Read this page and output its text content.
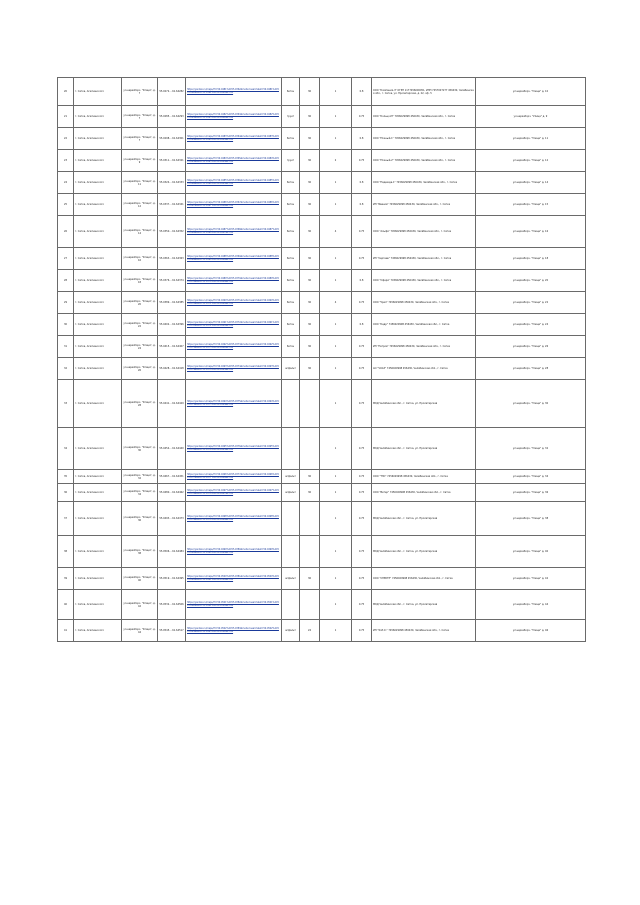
20	г. Сатка, Агалчанского	ул.неразборч. "Улица", д.7	55.0272... 61.64282	https://yandex.ru/maps/?ll=59.0481%2C55.0362&mode=search&sll=59.0481%2C55.0362&text=55.0362%2C59.0481&z=16	бетон	36	1	0.8	ООО "Компания-Ч" ОГРН 1177456000051, ИНН 7457007277 456430, Челябинская обл., г. Сатка, ул. Пролетарская, д. 22, оф. 5	ул.неразборч. "Улица" д. 10
21	г. Сатка, Агалчанского	ул.неразборч. "Улица", д.7	55.0285... 61.64293	https://yandex.ru/maps/?ll=59.0482%2C55.0363&mode=search&sll=59.0482%2C55.0363&text=55.0363%2C59.0482&z=16	грунт	36	1	0.75	ООО "Кольцо-М" 7456029998 456430, Челябинская обл., г. Сатка	ул.неразборч. "Улица" д. 9
22	г. Сатка, Агалчанского	ул.неразборч. "Улица", д.7	55.0298... 61.64301	https://yandex.ru/maps/?ll=59.0483%2C55.0364&mode=search&sll=59.0483%2C55.0364&text=55.0364%2C59.0483&z=16	бетон	36	1	0.8	ООО "Южный-1" 7456029998 456430, Челябинская обл., г. Сатка	ул.неразборч. "Улица" д. 11
23	г. Сатка, Агалчанского	ул.неразборч. "Улица", д.9	55.0311... 61.64321	https://yandex.ru/maps/?ll=59.0484%2C55.0365&mode=search&sll=59.0484%2C55.0365&text=55.0365%2C59.0484&z=16	грунт	36	2	0.75	ООО "Южный-2" 7456029998 456430, Челябинская обл., г. Сатка	ул.неразборч. "Улица" д. 12
24	г. Сатка, Агалчанского	ул.неразборч. "Улица", д.11	55.0324... 61.64333	https://yandex.ru/maps/?ll=59.0485%2C55.0366&mode=search&sll=59.0485%2C55.0366&text=55.0366%2C59.0485&z=16	бетон	36	1	0.8	ООО "Надежда-1" 7456029998 456430, Челябинская обл., г. Сатка	ул.неразборч. "Улица" д. 14
25	г. Сатка, Агалчанского	ул.неразборч. "Улица", д.12	55.0337... 61.64341	https://yandex.ru/maps/?ll=59.0486%2C55.0367&mode=search&sll=59.0486%2C55.0367&text=55.0367%2C59.0486&z=16	бетон	36	1	0.8	ИП "Иванов" 7456029998 456430, Челябинская обл., г. Сатка	ул.неразборч. "Улица" д. 15
26	г. Сатка, Агалчанского	ул.неразборч. "Улица", д.14	55.0350... 61.64352	https://yandex.ru/maps/?ll=59.0487%2C55.0368&mode=search&sll=59.0487%2C55.0368&text=55.0368%2C59.0487&z=16	бетон	36	4	0.75	ООО "Альфа" 7456029998 456430, Челябинская обл., г. Сатка	ул.неразборч. "Улица" д. 16
27	г. Сатка, Агалчанского	ул.неразборч. "Улица", д.16	55.0363... 61.64363	https://yandex.ru/maps/?ll=59.0488%2C55.0369&mode=search&sll=59.0488%2C55.0369&text=55.0369%2C59.0488&z=16	бетон	36	1	0.75	ИП "Сергеев" 7456029998 456430, Челябинская обл., г. Сатка	ул.неразборч. "Улица" д. 18
28	г. Сатка, Агалчанского	ул.неразборч. "Улица", д.18	55.0376... 61.64374	https://yandex.ru/maps/?ll=59.0489%2C55.0370&mode=search&sll=59.0489%2C55.0370&text=55.0370%2C59.0489&z=16	бетон	36	1	0.8	ООО "Сфера" 7456029998 456430, Челябинская обл., г. Сатка	ул.неразборч. "Улица" д. 20
29	г. Сатка, Агалчанского	ул.неразборч. "Улица", д.20	55.0389... 61.64385	https://yandex.ru/maps/?ll=59.0490%2C55.0371&mode=search&sll=59.0490%2C55.0371&text=55.0371%2C59.0490&z=16	бетон	36	4	0.75	ООО "Урал" 7456029998 456430, Челябинская обл., г. Сатка	ул.неразборч. "Улица" д. 22
30	г. Сатка, Агалчанского	ул.неразборч. "Улица", д.22	55.0402... 61.64396	https://yandex.ru/maps/?ll=59.0491%2C55.0372&mode=search&sll=59.0491%2C55.0372&text=55.0372%2C59.0491&z=16	бетон	36	1	0.8	ООО "Кедр" 7456029998 456430, Челябинская обл., г. Сатка	ул.неразборч. "Улица" д. 24
31	г. Сатка, Агалчанского	ул.неразборч. "Улица", д.24	55.0415... 61.64407	https://yandex.ru/maps/?ll=59.0492%2C55.0373&mode=search&sll=59.0492%2C55.0373&text=55.0373%2C59.0492&z=16	бетон	36	1	0.75	ИП "Петров" 7456029998 456430, Челябинская обл., г. Сатка	ул.неразборч. "Улица" д. 26
32	г. Сатка, Агалчанского	ул.неразборч. "Улица", д.26	55.0428... 61.64418	https://yandex.ru/maps/?ll=59.0493%2C55.0374&mode=search&sll=59.0493%2C55.0374&text=55.0374%2C59.0493&z=16	асфальт	36	1	0.75	АО "ЧОАЗ" 7456029998 456430, Челябинская обл., г. Сатка	ул.неразборч. "Улица" д. 28
33	г. Сатка, Агалчанского	ул.неразборч. "Улица", д.28	55.0441... 61.64429	https://yandex.ru/maps/?ll=59.0494%2C55.0375&mode=search&sll=59.0494%2C55.0375&text=55.0375%2C59.0494&z=16			1	0.75	МКД Челябинская обл., г. Сатка, ул. Пролетарская	ул.неразборч. "Улица" д. 30
34	г. Сатка, Агалчанского	ул.неразборч. "Улица", д.30	55.0454... 61.64440	https://yandex.ru/maps/?ll=59.0495%2C55.0376&mode=search&sll=59.0495%2C55.0376&text=55.0376%2C59.0495&z=16			1	0.75	МКД Челябинская обл., г. Сатка, ул. Пролетарская	ул.неразборч. "Улица" д. 32
35	г. Сатка, Агалчанского	ул.неразборч. "Улица", д.32	55.0467... 61.64451	https://yandex.ru/maps/?ll=59.0496%2C55.0377&mode=search&sll=59.0496%2C55.0377&text=55.0377%2C59.0496&z=16	асфальт	36	1	0.75	ООО "ТЭС" 7456029998 456430, Челябинская обл., г. Сатка	ул.неразборч. "Улица" д. 34
36	г. Сатка, Агалчанского	ул.неразборч. "Улица", д.34	55.0480... 61.64462	https://yandex.ru/maps/?ll=59.0497%2C55.0378&mode=search&sll=59.0497%2C55.0378&text=55.0378%2C59.0497&z=16	асфальт	36	1	0.75	ООО "Ветер" 7456029998 456430, Челябинская обл., г. Сатка	ул.неразборч. "Улица" д. 36
37	г. Сатка, Агалчанского	ул.неразборч. "Улица", д.36	55.0493... 61.64473	https://yandex.ru/maps/?ll=59.0498%2C55.0379&mode=search&sll=59.0498%2C55.0379&text=55.0379%2C59.0498&z=16			1	0.75	МКД Челябинская обл., г. Сатка, ул. Пролетарская	ул.неразборч. "Улица" д. 38
38	г. Сатка, Агалчанского	ул.неразборч. "Улица", д.38	55.0506... 61.64484	https://yandex.ru/maps/?ll=59.0499%2C55.0380&mode=search&sll=59.0499%2C55.0380&text=55.0380%2C59.0499&z=16			1	0.75	МКД Челябинская обл., г. Сатка, ул. Пролетарская	ул.неразборч. "Улица" д. 40
39	г. Сатка, Агалчанского	ул.неразборч. "Улица", д.40	55.0519... 61.64495	https://yandex.ru/maps/?ll=59.0500%2C55.0381&mode=search&sll=59.0500%2C55.0381&text=55.0381%2C59.0500&z=16	асфальт	36	1	0.75	ООО "СПЕКТР" 7456029998 456430, Челябинская обл., г. Сатка	ул.неразборч. "Улица" д. 42
40	г. Сатка, Агалчанского	ул.неразборч. "Улица", д.42	55.0532... 61.64506	https://yandex.ru/maps/?ll=59.0501%2C55.0382&mode=search&sll=59.0501%2C55.0382&text=55.0382%2C59.0501&z=16			1	0.75	МКД Челябинская обл., г. Сатка, ул. Пролетарская	ул.неразборч. "Улица" д. 44
41	г. Сатка, Агалчанского	ул.неразборч. "Улица", д.44	55.0545... 61.64517	https://yandex.ru/maps/?ll=59.0502%2C55.0383&mode=search&sll=59.0502%2C55.0383&text=55.0383%2C59.0502&z=16	асфальт	24	1	0.75	ИП "Ф.И.О." 7456029998 456430, Челябинская обл., г. Сатка	ул.неразборч. "Улица" д. 46
